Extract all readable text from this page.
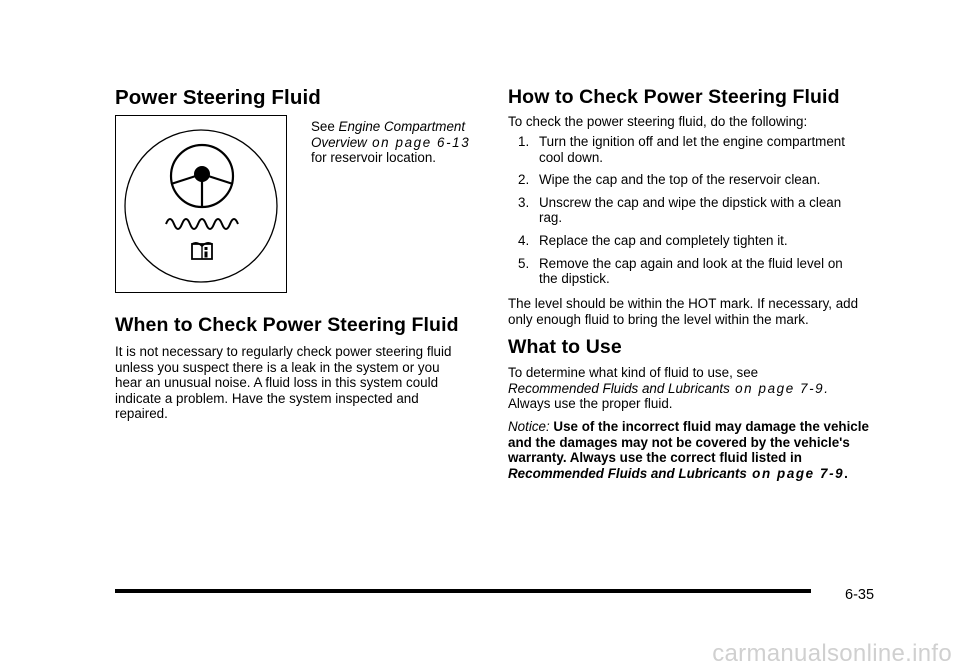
Power Steering Fluid
See Engine Compartment
Overview on page 6-13
for reservoir location.
When to Check Power Steering Fluid

It is not necessary to regularly check power steering fluid unless you suspect there is a leak in the system or you hear an unusual noise. A fluid loss in this system could indicate a problem. Have the system inspected and repaired.

How to Check Power Steering Fluid

To check the power steering fluid, do the following:

1. Turn the ignition off and let the engine compartment cool down.
2. Wipe the cap and the top of the reservoir clean.
3. Unscrew the cap and wipe the dipstick with a clean rag.
4. Replace the cap and completely tighten it.
5. Remove the cap again and look at the fluid level on the dipstick.

The level should be within the HOT mark. If necessary, add only enough fluid to bring the level within the mark.

What to Use

To determine what kind of fluid to use, see
Recommended Fluids and Lubricants on page 7-9.
Always use the proper fluid.

Notice: Use of the incorrect fluid may damage the vehicle and the damages may not be covered by the vehicle's warranty. Always use the correct fluid listed in Recommended Fluids and Lubricants on page 7-9.

6-35
carmanualsonline.info
